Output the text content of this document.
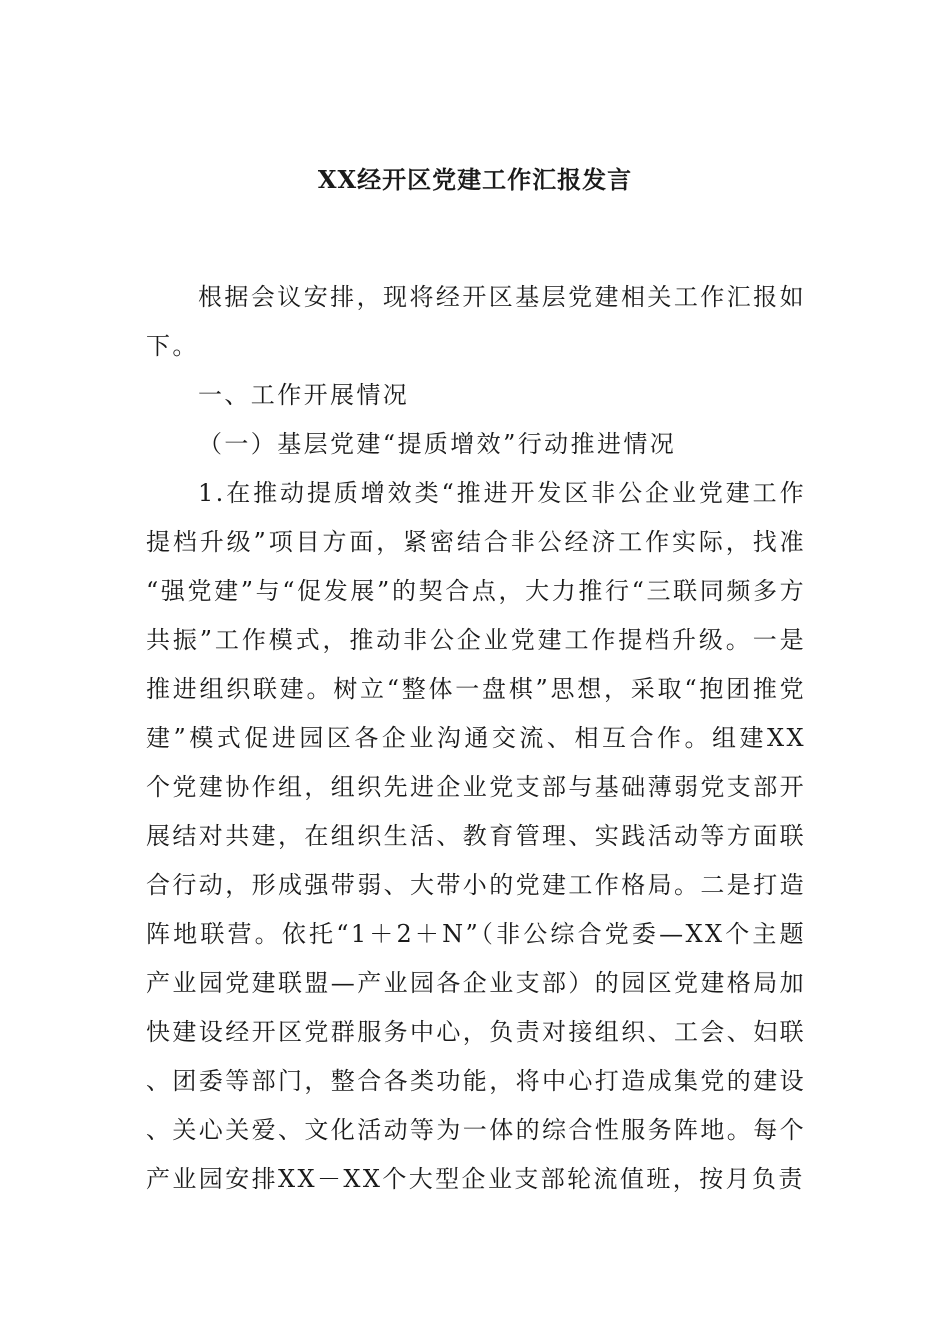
XX经开区党建工作汇报发言

根据会议安排，现将经开区基层党建相关工作汇报如下。

一、工作开展情况

（一）基层党建“提质增效”行动推进情况

1.在推动提质增效类“推进开发区非公企业党建工作提档升级”项目方面，紧密结合非公经济工作实际，找准“强党建”与“促发展”的契合点，大力推行“三联同频多方共振”工作模式，推动非公企业党建工作提档升级。一是推进组织联建。树立“整体一盘棋”思想，采取“抱团推党建”模式促进园区各企业沟通交流、相互合作。组建XX个党建协作组，组织先进企业党支部与基础薄弱党支部开展结对共建，在组织生活、教育管理、实践活动等方面联合行动，形成强带弱、大带小的党建工作格局。二是打造阵地联营。依托“1＋2＋N”（非公综合党委—XX个主题产业园党建联盟—产业园各企业支部）的园区党建格局加快建设经开区党群服务中心，负责对接组织、工会、妇联、团委等部门，整合各类功能，将中心打造成集党的建设、关心关爱、文化活动等为一体的综合性服务阵地。每个产业园安排XX－XX个大型企业支部轮流值班，按月负责
